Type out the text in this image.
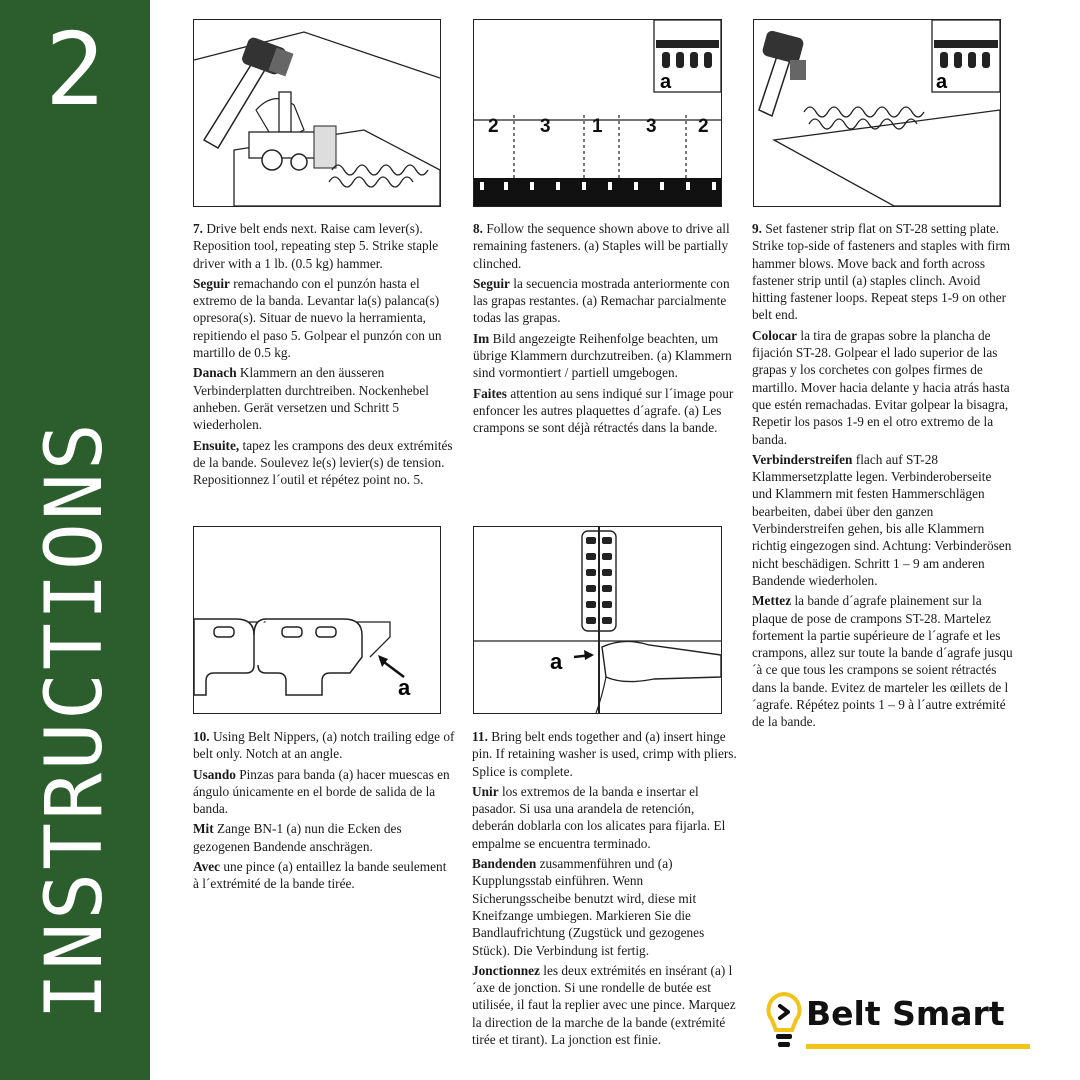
2
INSTRUCTIONS
a
2 3 1 3 2
a
a
a

7. Drive belt ends next. Raise cam lever(s). Reposition tool, repeating step 5. Strike staple driver with a 1 lb. (0.5 kg) hammer.

Seguir remachando con el punzón hasta el extremo de la banda. Levantar la(s) palanca(s) opresora(s). Situar de nuevo la herramienta, repitiendo el paso 5. Golpear el punzón con un martillo de 0.5 kg.

Danach Klammern an den äusseren Verbinderplatten durchtreiben. Nockenhebel anheben. Gerät versetzen und Schritt 5 wiederholen.

Ensuite, tapez les crampons des deux extrémités de la bande. Soulevez le(s) levier(s) de tension. Repositionnez l´outil et répétez point no. 5.

8. Follow the sequence shown above to drive all remaining fasteners. (a) Staples will be partially clinched.

Seguir la secuencia mostrada anteriormente con las grapas restantes. (a) Remachar parcialmente todas las grapas.

Im Bild angezeigte Reihenfolge beachten, um übrige Klammern durchzutreiben. (a) Klammern sind vormontiert / partiell umgebogen.

Faites attention au sens indiqué sur l´image pour enfoncer les autres plaquettes d´agrafe. (a) Les crampons se sont déjà rétractés dans la bande.

9. Set fastener strip flat on ST-28 setting plate. Strike top-side of fasteners and staples with firm hammer blows. Move back and forth across fastener strip until (a) staples clinch. Avoid hitting fastener loops. Repeat steps 1-9 on other belt end.

Colocar la tira de grapas sobre la plancha de fijación ST-28. Golpear el lado superior de las grapas y los corchetes con golpes firmes de martillo. Mover hacia delante y hacia atrás hasta que estén remachadas. Evitar golpear la bisagra, Repetir los pasos 1-9 en el otro extremo de la banda.

Verbinderstreifen flach auf ST-28 Klammersetzplatte legen. Verbinderoberseite und Klammern mit festen Hammerschlägen bearbeiten, dabei über den ganzen Verbinderstreifen gehen, bis alle Klammern richtig eingezogen sind. Achtung: Verbinderösen nicht beschädigen. Schritt 1 – 9 am anderen Bandende wiederholen.

Mettez la bande d´agrafe plainement sur la plaque de pose de crampons ST-28. Martelez fortement la partie supérieure de l´agrafe et les crampons, allez sur toute la bande d´agrafe jusqu´à ce que tous les crampons se soient rétractés dans la bande. Evitez de marteler les œillets de l´agrafe. Répétez points 1 – 9 à l´autre extrémité de la bande.

10. Using Belt Nippers, (a) notch trailing edge of belt only. Notch at an angle.

Usando Pinzas para banda (a) hacer muescas en ángulo únicamente en el borde de salida de la banda.

Mit Zange BN-1 (a) nun die Ecken des gezogenen Bandende anschrägen.

Avec une pince (a) entaillez la bande seulement à l´extrémité de la bande tirée.

11. Bring belt ends together and (a) insert hinge pin. If retaining washer is used, crimp with pliers. Splice is complete.

Unir los extremos de la banda e insertar el pasador. Si usa una arandela de retención, deberán doblarla con los alicates para fijarla. El empalme se encuentra terminado.

Bandenden zusammenführen und (a) Kupplungsstab einführen. Wenn Sicherungsscheibe benutzt wird, diese mit Kneifzange umbiegen. Markieren Sie die Bandlaufrichtung (Zugstück und gezogenes Stück). Die Verbindung ist fertig.

Jonctionnez les deux extrémités en insérant (a) l´axe de jonction. Si une rondelle de butée est utilisée, il faut la replier avec une pince. Marquez la direction de la marche de la bande (extrémité tirée et tirant). La jonction est finie.

Belt Smart
